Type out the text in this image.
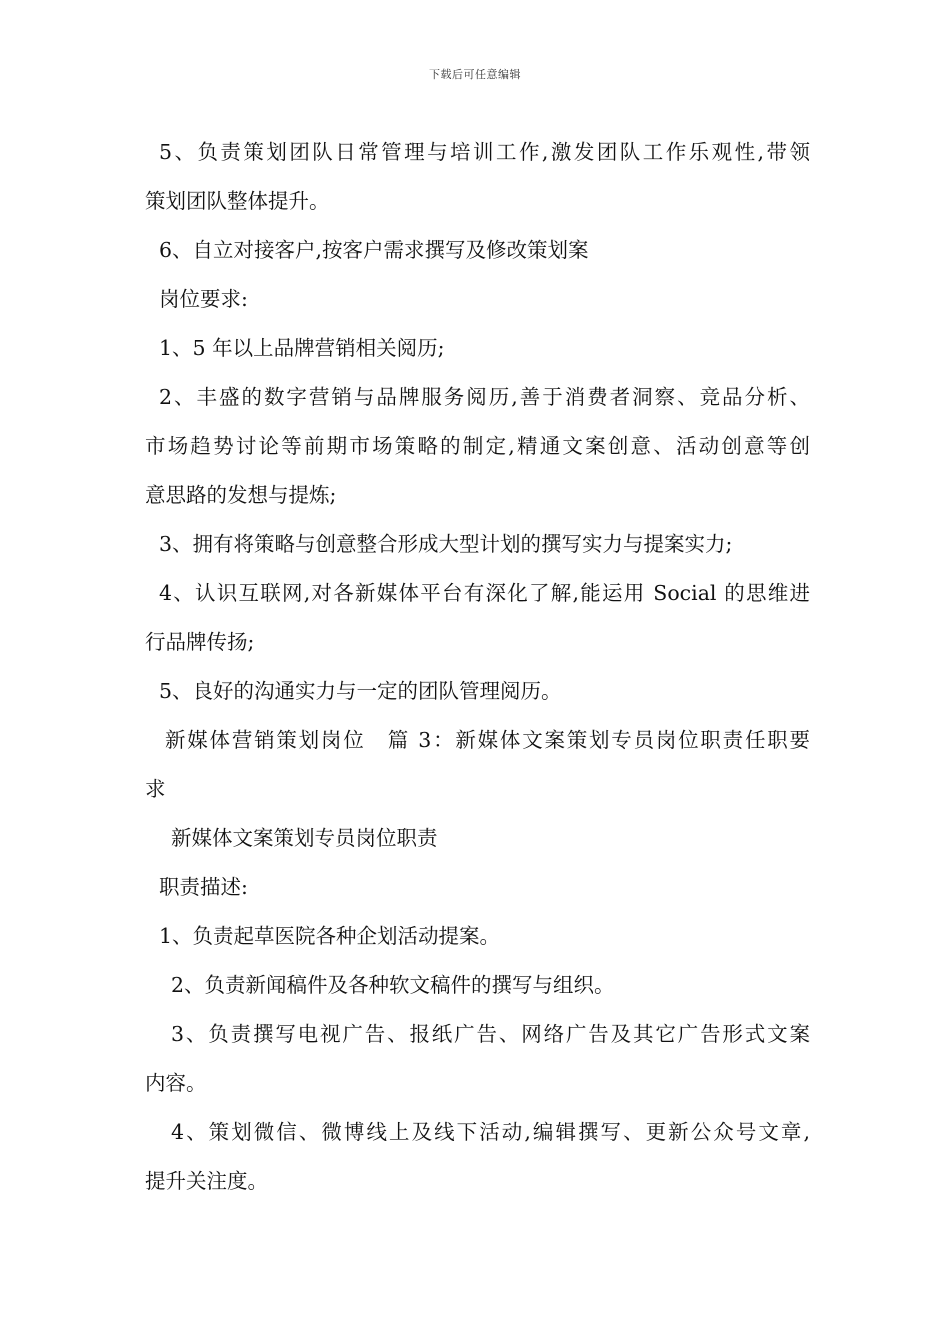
下载后可任意编辑
5、负责策划团队日常管理与培训工作,激发团队工作乐观性,带领
策划团队整体提升。
6、自立对接客户,按客户需求撰写及修改策划案
岗位要求:
1、5 年以上品牌营销相关阅历;
2、丰盛的数字营销与品牌服务阅历,善于消费者洞察、竞品分析、
市场趋势讨论等前期市场策略的制定,精通文案创意、活动创意等创
意思路的发想与提炼;
3、拥有将策略与创意整合形成大型计划的撰写实力与提案实力;
4、认识互联网,对各新媒体平台有深化了解,能运用 Social 的思维进
行品牌传扬;
5、良好的沟通实力与一定的团队管理阅历。
新媒体营销策划岗位　篇 3：新媒体文案策划专员岗位职责任职要
求
新媒体文案策划专员岗位职责
职责描述:
1、负责起草医院各种企划活动提案。
2、负责新闻稿件及各种软文稿件的撰写与组织。
3、负责撰写电视广告、报纸广告、网络广告及其它广告形式文案
内容。
4、策划微信、微博线上及线下活动,编辑撰写、更新公众号文章,
提升关注度。
